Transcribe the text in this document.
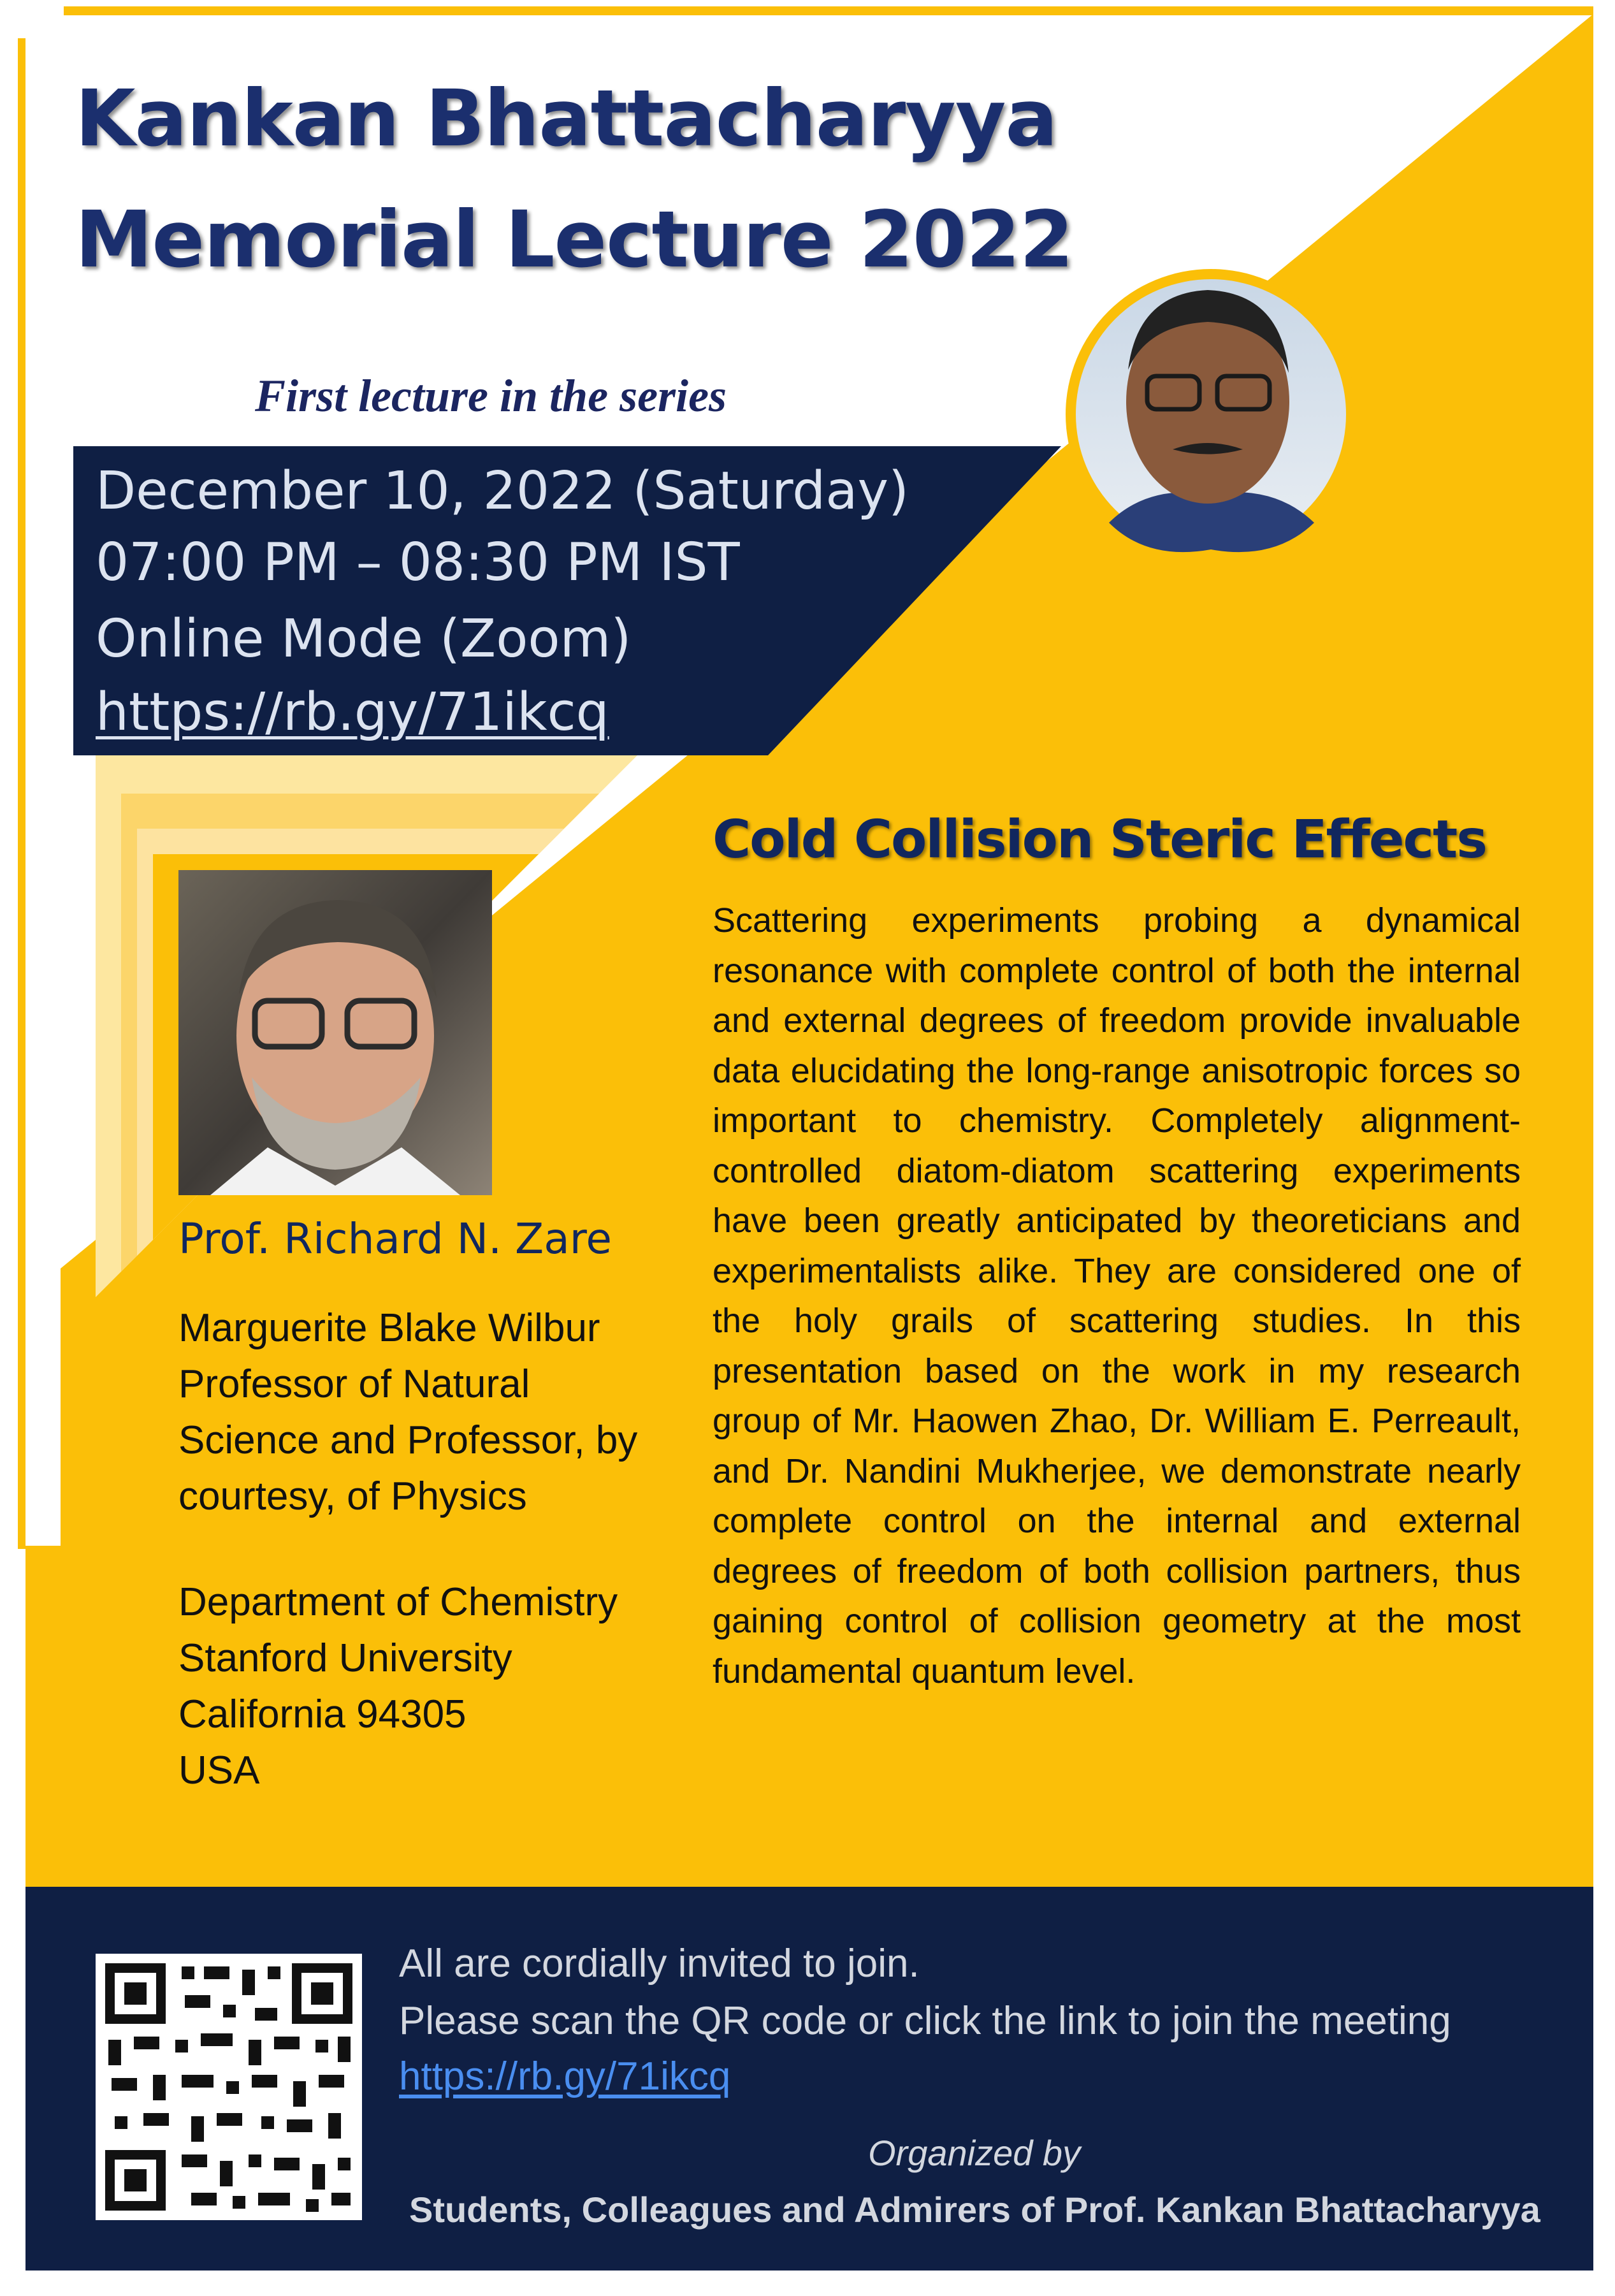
Kankan Bhattacharyya
Memorial Lecture 2022
First lecture in the series
December 10, 2022 (Saturday)
07:00 PM – 08:30 PM IST
Online Mode (Zoom)
https://rb.gy/71ikcq
Cold Collision Steric Effects

Scattering experiments probing a dynamical resonance with complete control of both the internal and external degrees of freedom provide invaluable data elucidating the long-range anisotropic forces so important to chemistry. Completely alignment-controlled diatom-diatom scattering experiments have been greatly anticipated by theoreticians and experimentalists alike. They are considered one of the holy grails of scattering studies. In this presentation based on the work in my research group of Mr. Haowen Zhao, Dr. William E. Perreault, and Dr. Nandini Mukherjee, we demonstrate nearly complete control on the internal and external degrees of freedom of both collision partners, thus gaining control of collision geometry at the most fundamental quantum level.

Prof. Richard N. Zare

Marguerite Blake Wilbur
Professor of Natural
Science and Professor, by
courtesy, of Physics

Department of Chemistry
Stanford University
California 94305
USA

All are cordially invited to join.
Please scan the QR code or click the link to join the meeting
https://rb.gy/71ikcq
Organized by
Students, Colleagues and Admirers of Prof. Kankan Bhattacharyya
